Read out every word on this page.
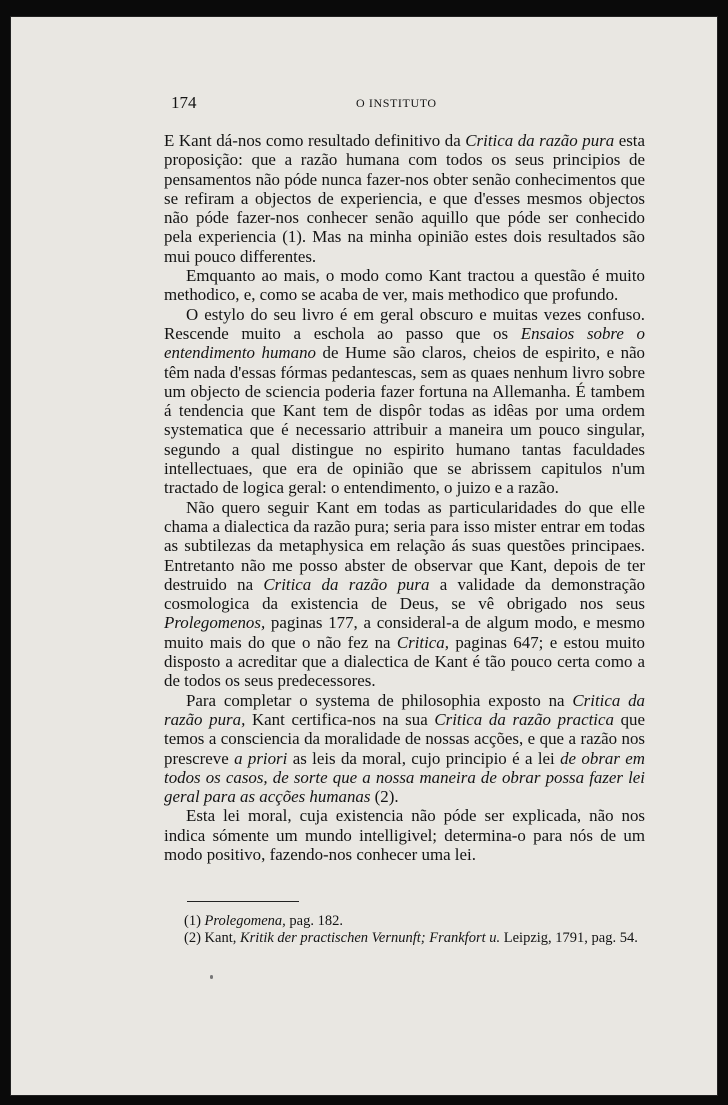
174	O INSTITUTO

E Kant dá-nos como resultado definitivo da Critica da razão pura esta proposição: que a razão humana com todos os seus principios de pensamentos não póde nunca fazer-nos obter senão conhecimentos que se refiram a objectos de experiencia, e que d'esses mesmos objectos não póde fazer-nos conhecer senão aquillo que póde ser conhecido pela experiencia (1). Mas na minha opinião estes dois resultados são mui pouco differentes.

Emquanto ao mais, o modo como Kant tractou a questão é muito methodico, e, como se acaba de ver, mais methodico que profundo.

O estylo do seu livro é em geral obscuro e muitas vezes confuso. Rescende muito a eschola ao passo que os Ensaios sobre o entendimento humano de Hume são claros, cheios de espirito, e não têm nada d'essas fórmas pedantescas, sem as quaes nenhum livro sobre um objecto de sciencia poderia fazer fortuna na Allemanha. É tambem á tendencia que Kant tem de dispôr todas as idêas por uma ordem systematica que é necessario attribuir a maneira um pouco singular, segundo a qual distingue no espirito humano tantas faculdades intellectuaes, que era de opinião que se abrissem capitulos n'um tractado de logica geral: o entendimento, o juizo e a razão.

Não quero seguir Kant em todas as particularidades do que elle chama a dialectica da razão pura; seria para isso mister entrar em todas as subtilezas da metaphysica em relação ás suas questões principaes. Entretanto não me posso abster de observar que Kant, depois de ter destruido na Critica da razão pura a validade da demonstração cosmologica da existencia de Deus, se vê obrigado nos seus Prolegomenos, paginas 177, a consideral-a de algum modo, e mesmo muito mais do que o não fez na Critica, paginas 647; e estou muito disposto a acreditar que a dialectica de Kant é tão pouco certa como a de todos os seus predecessores.

Para completar o systema de philosophia exposto na Critica da razão pura, Kant certifica-nos na sua Critica da razão practica que temos a consciencia da moralidade de nossas acções, e que a razão nos prescreve a priori as leis da moral, cujo principio é a lei de obrar em todos os casos, de sorte que a nossa maneira de obrar possa fazer lei geral para as acções humanas (2).

Esta lei moral, cuja existencia não póde ser explicada, não nos indica sómente um mundo intelligivel; determina-o para nós de um modo positivo, fazendo-nos conhecer uma lei.

(1) Prolegomena, pag. 182.

(2) Kant, Kritik der practischen Vernunft; Frankfort u. Leipzig, 1791, pag. 54.
